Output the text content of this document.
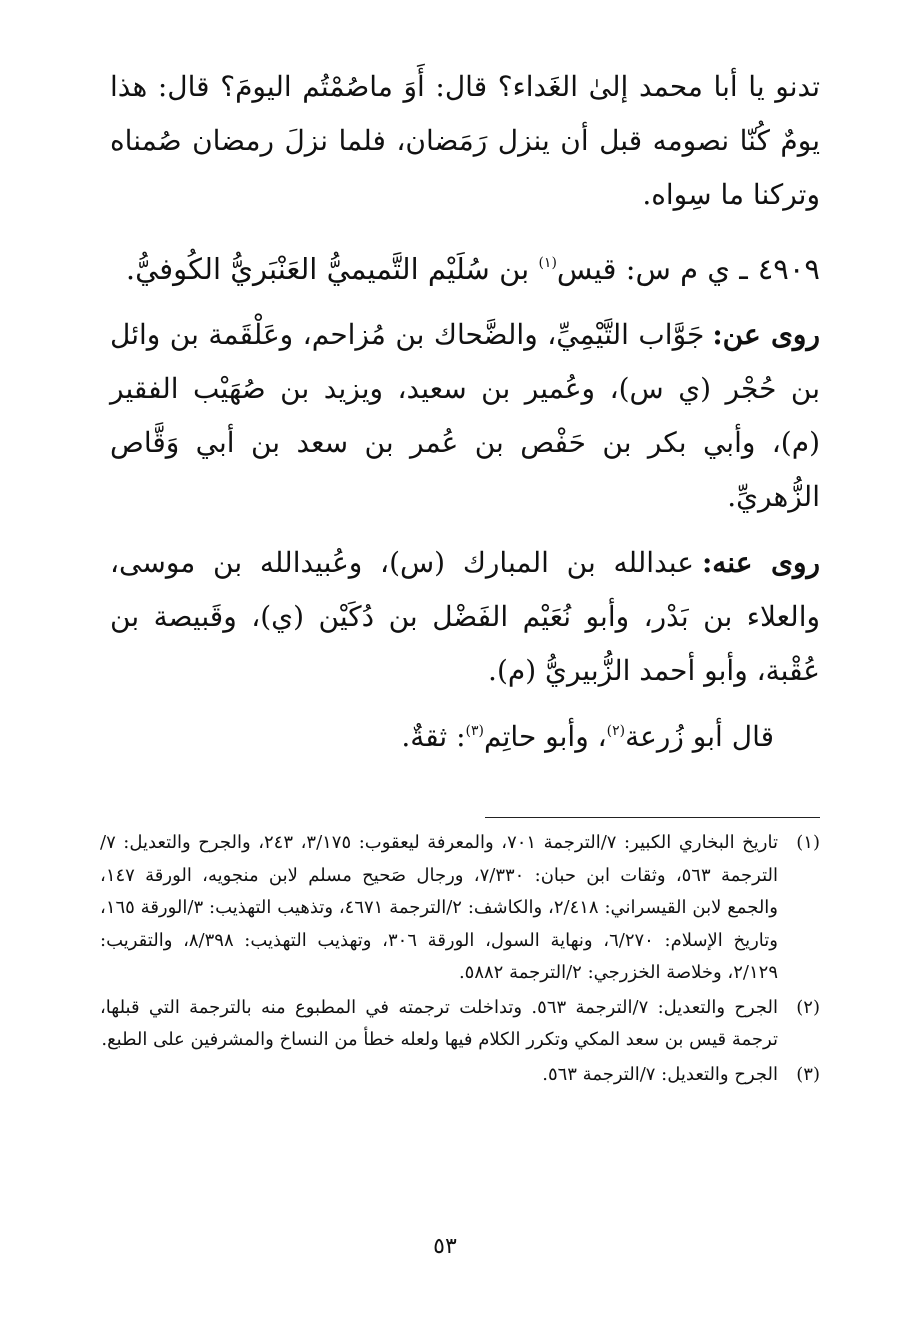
تدنو يا أبا محمد إلىٰ الغَداء؟ قال: أَوَ ماصُمْتُم اليومَ؟ قال: هذا يومٌ كُنّا نصومه قبل أن ينزل رَمَضان، فلما نزلَ رمضان صُمناه وتركنا ما سِواه.

٤٩٠٩ـ ي م س: قيس$^{(١)}$ بن سُلَيْم التَّميميُّ العَنْبَريُّ الكُوفيُّ.

روى عن:جَوَّاب التَّيْمِيِّ، والضَّحاك بن مُزاحم، وعَلْقَمة بن وائل بن حُجْر (ي س)، وعُمير بن سعيد، ويزيد بن صُهَيْب الفقير (م)، وأبي بكر بن حَفْص بن عُمر بن سعد بن أبي وَقَّاص الزُّهريِّ.

روى عنه:عبدالله بن المبارك (س)، وعُبيدالله بن موسى، والعلاء بن بَدْر، وأبو نُعَيْم الفَضْل بن دُكَيْن (ي)، وقَبيصة بن عُقْبة، وأبو أحمد الزُّبيريُّ (م).

قال أبو زُرعة$^{(٢)}$، وأبو حاتِم$^{(٣)}$: ثقةٌ.

(١)
تاريخ البخاري الكبير: ٧/الترجمة ٧٠١، والمعرفة ليعقوب: ٣/١٧٥، ٢٤٣، والجرح والتعديل: ٧/الترجمة ٥٦٣، وثقات ابن حبان: ٧/٣٣٠، ورجال صَحيح مسلم لابن منجويه، الورقة ١٤٧، والجمع لابن القيسراني: ٢/٤١٨، والكاشف: ٢/الترجمة ٤٦٧١، وتذهيب التهذيب: ٣/الورقة ١٦٥، وتاريخ الإسلام: ٦/٢٧٠، ونهاية السول، الورقة ٣٠٦، وتهذيب التهذيب: ٨/٣٩٨، والتقريب: ٢/١٢٩، وخلاصة الخزرجي: ٢/الترجمة ٥٨٨٢.
(٢)
الجرح والتعديل: ٧/الترجمة ٥٦٣. وتداخلت ترجمته في المطبوع منه بالترجمة التي قبلها، ترجمة قيس بن سعد المكي وتكرر الكلام فيها ولعله خطأ من النساخ والمشرفين على الطبع.
(٣)
الجرح والتعديل: ٧/الترجمة ٥٦٣.
٥٣
